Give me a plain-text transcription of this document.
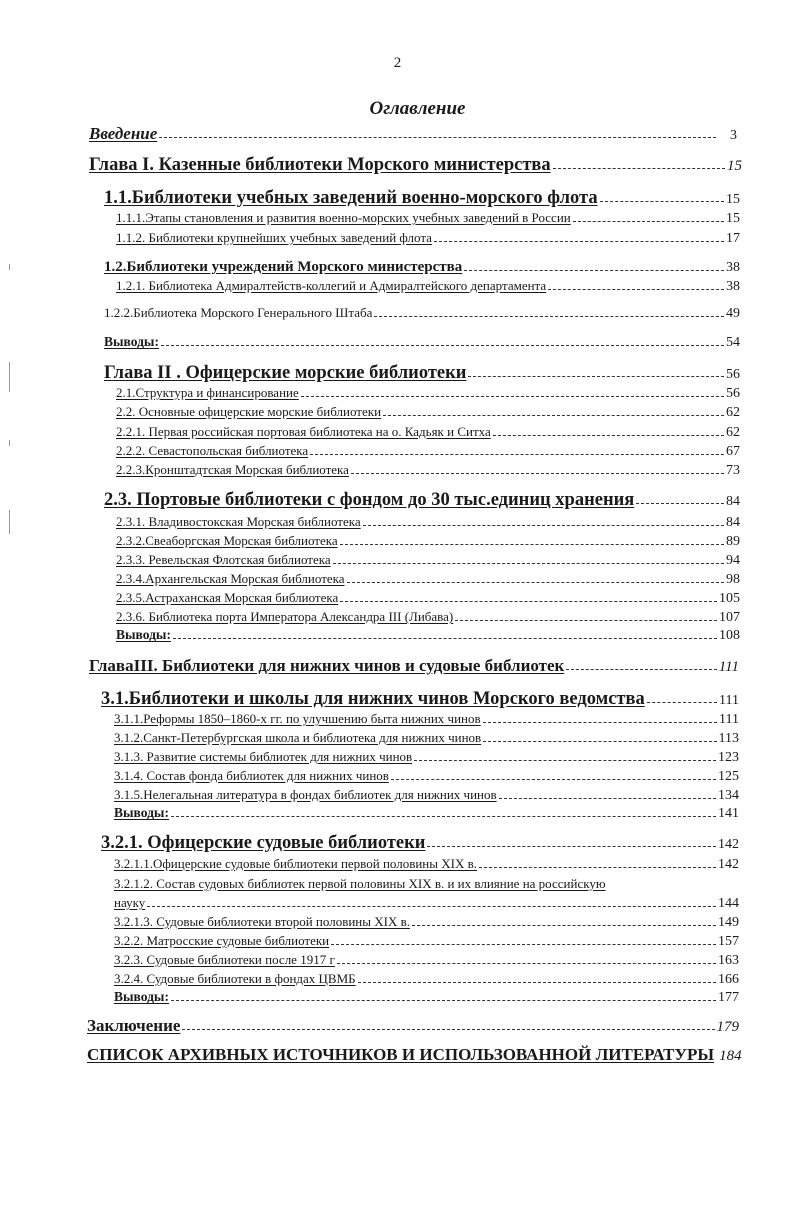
2
Оглавление
Введение	3
Глава I. Казенные библиотеки Морского министерства	15
1.1.Библиотеки учебных заведений военно-морского флота	15
1.1.1.Этапы становления и развития военно-морских учебных заведений в России	15
1.1.2. Библиотеки крупнейших учебных заведений флота	17
1.2.Библиотеки учреждений Морского министерства	38
1.2.1. Библиотека Адмиралтейств-коллегий и Адмиралтейского департамента	38
1.2.2.Библиотека Морского Генерального Штаба	49
Выводы:	54
Глава II . Офицерские морские библиотеки	56
2.1.Структура и финансирование	56
2.2. Основные офицерские морские библиотеки	62
2.2.1. Первая российская портовая библиотека на о. Кадьяк и Ситха	62
2.2.2. Севастопольская библиотека	67
2.2.3.Кронштадтская Морская библиотека	73
2.3. Портовые библиотеки с фондом до 30 тыс.единиц хранения	84
2.3.1. Владивостокская Морская библиотека	84
2.3.2.Свеаборгская Морская библиотека	89
2.3.3. Ревельская Флотская библиотека	94
2.3.4.Архангельская Морская библиотека	98
2.3.5.Астраханская Морская библиотека	105
2.3.6. Библиотека порта Императора Александра III (Либава)	107
Выводы:	108
ГлаваIII. Библиотеки для нижних чинов и судовые библиотек	111
3.1.Библиотеки и школы для нижних чинов Морского ведомства	111
3.1.1.Реформы 1850–1860-х гг. по улучшению быта нижних чинов	111
3.1.2.Санкт-Петербургская школа и библиотека для нижних чинов	113
3.1.3. Развитие системы библиотек для нижних чинов	123
3.1.4. Состав фонда библиотек для нижних чинов	125
3.1.5.Нелегальная литература в фондах библиотек для нижних чинов	134
Выводы:	141
3.2.1. Офицерские судовые библиотеки	142
3.2.1.1.Офицерские судовые библиотеки первой половины XIX в.	142
3.2.1.2. Состав судовых библиотек первой половины XIX в. и их влияние на российскую
науку	144
3.2.1.3. Судовые библиотеки второй половины XIX в.	149
3.2.2. Матросские судовые библиотеки	157
3.2.3. Судовые библиотеки после 1917 г	163
3.2.4. Судовые библиотеки в фондах ЦВМБ	166
Выводы:	177
Заключение	179
СПИСОК АРХИВНЫХ ИСТОЧНИКОВ И ИСПОЛЬЗОВАННОЙ ЛИТЕРАТУРЫ 184
